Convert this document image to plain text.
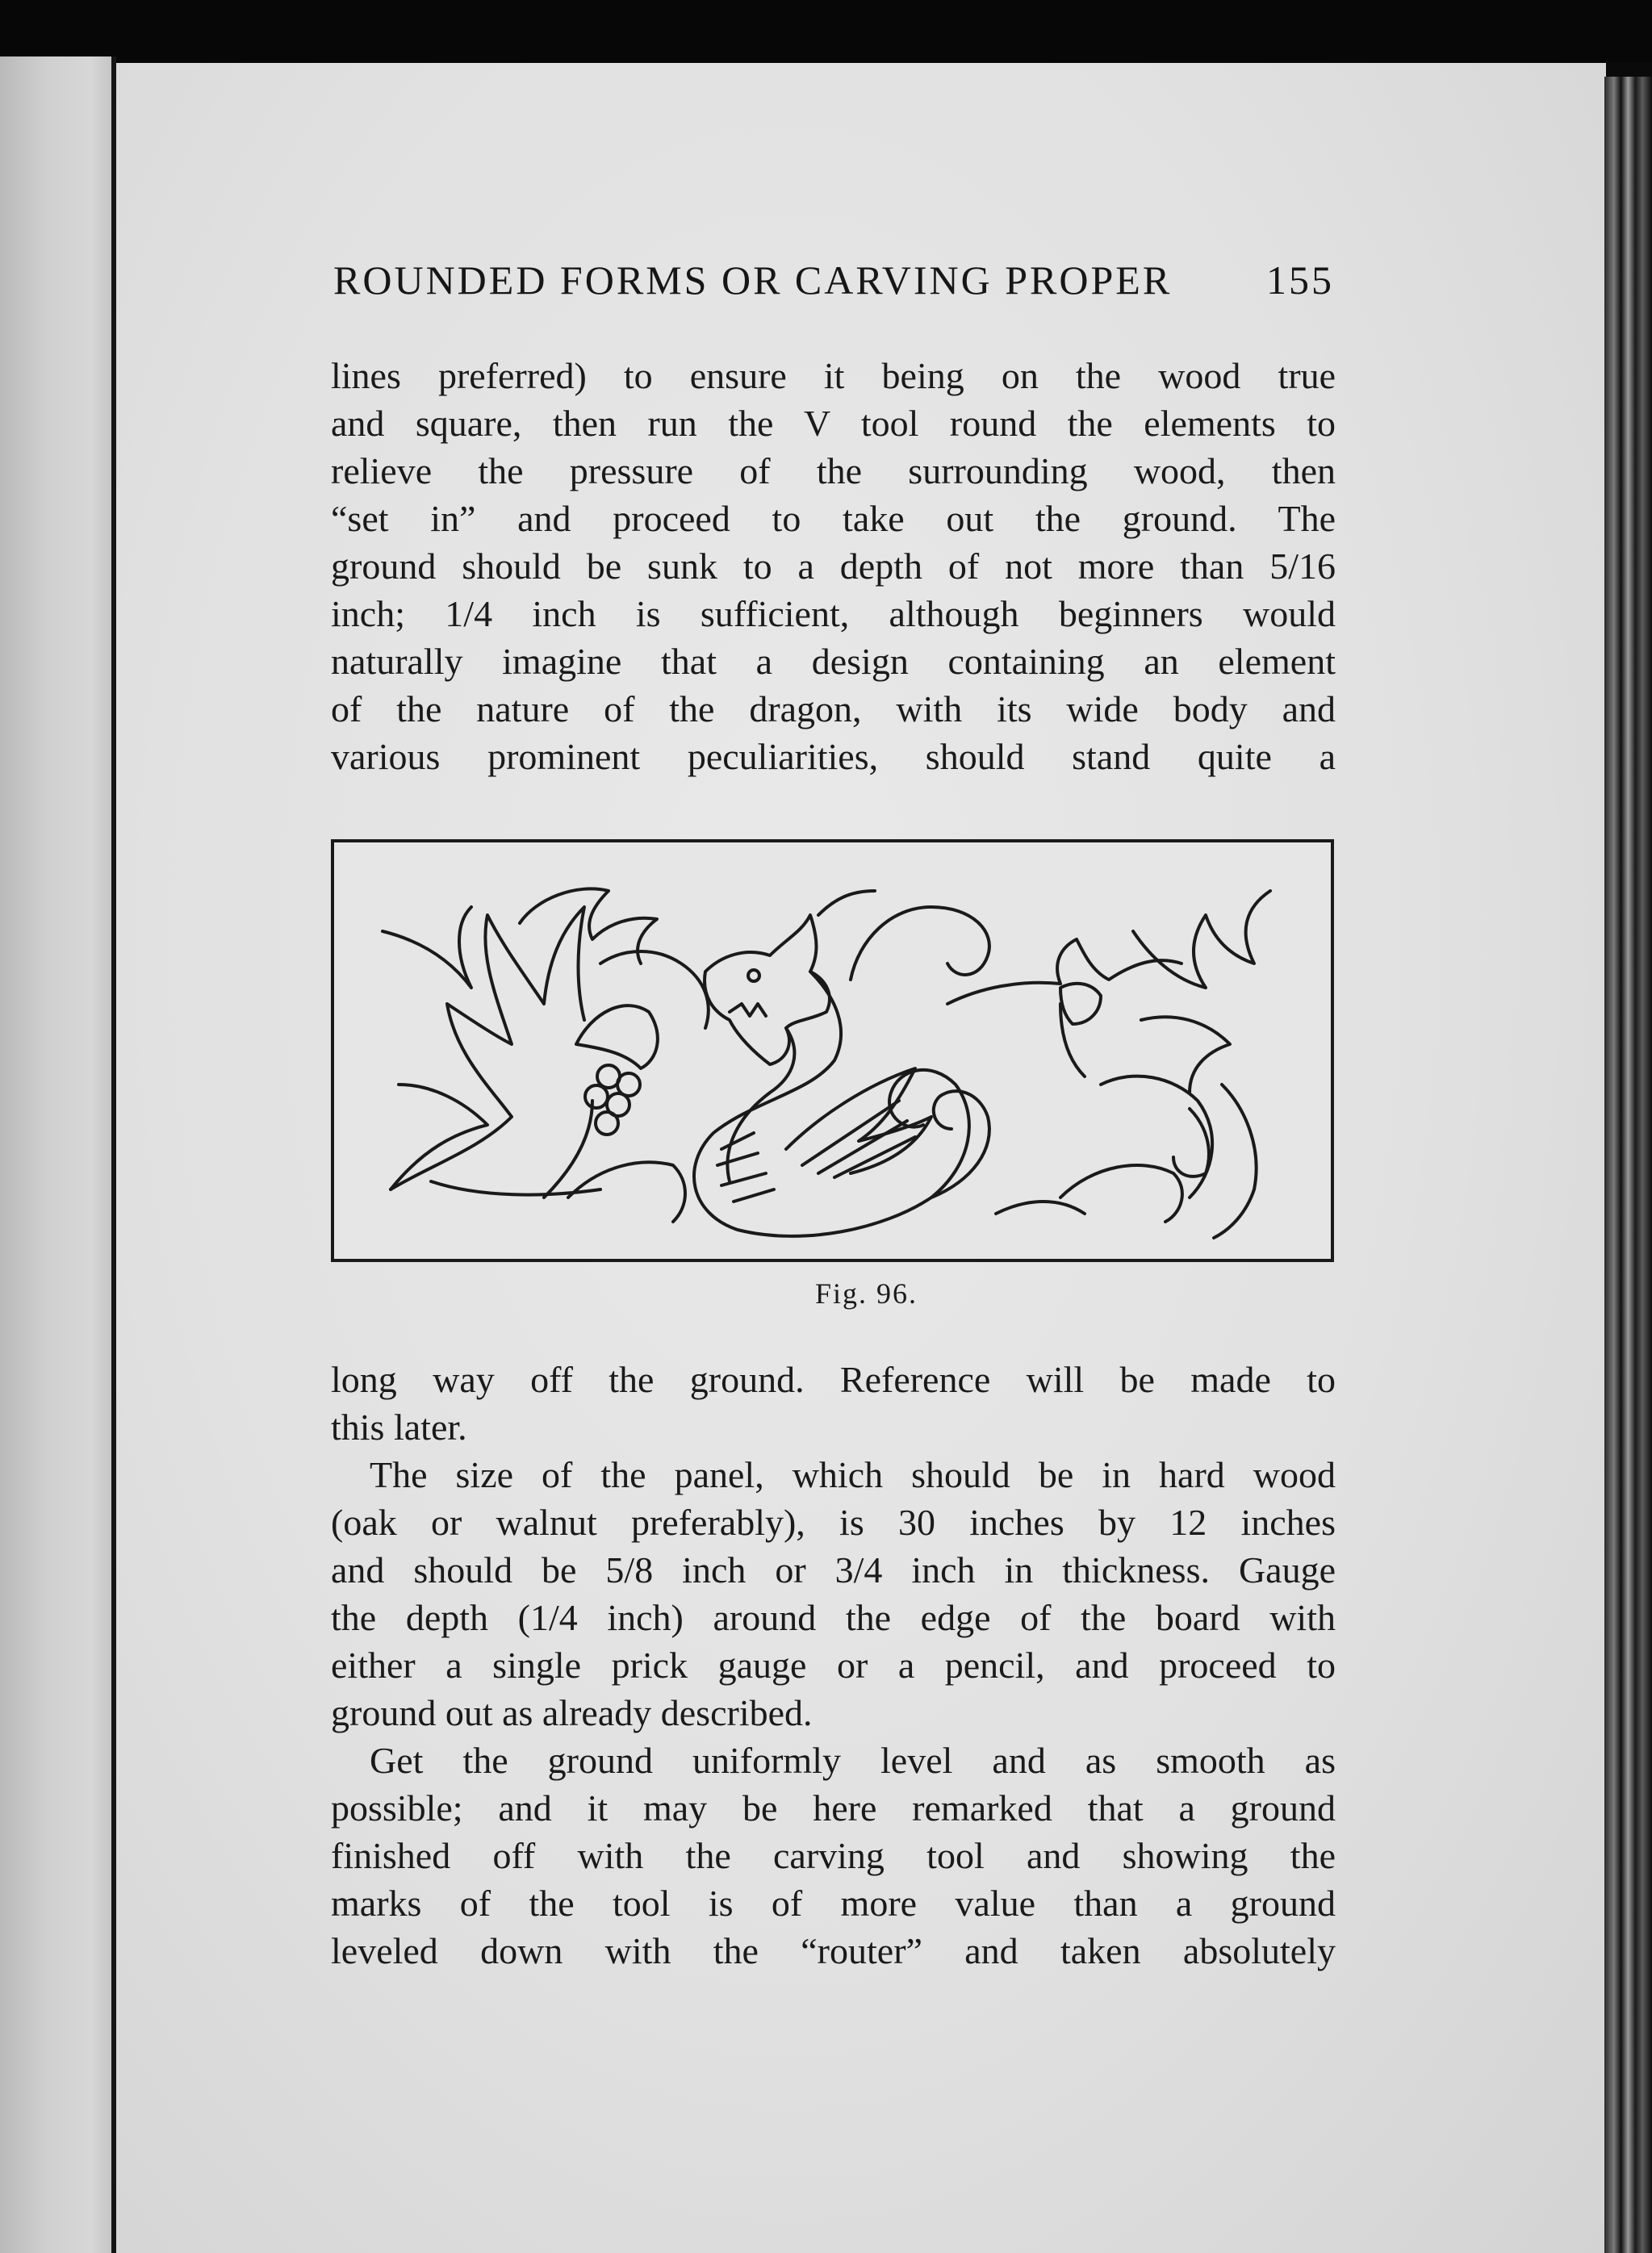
ROUNDED FORMS OR CARVING PROPER 155
lines preferred) to ensure it being on the wood true
and square, then run the V tool round the elements to
relieve the pressure of the surrounding wood, then
“set in” and proceed to take out the ground. The
ground should be sunk to a depth of not more than 5/16
inch; 1/4 inch is sufficient, although beginners would
naturally imagine that a design containing an element
of the nature of the dragon, with its wide body and
various prominent peculiarities, should stand quite a
Fig. 96.
long way off the ground. Reference will be made to
this later.
The size of the panel, which should be in hard wood
(oak or walnut preferably), is 30 inches by 12 inches
and should be 5/8 inch or 3/4 inch in thickness. Gauge
the depth (1/4 inch) around the edge of the board with
either a single prick gauge or a pencil, and proceed to
ground out as already described.
Get the ground uniformly level and as smooth as
possible; and it may be here remarked that a ground
finished off with the carving tool and showing the
marks of the tool is of more value than a ground
leveled down with the “router” and taken absolutely
